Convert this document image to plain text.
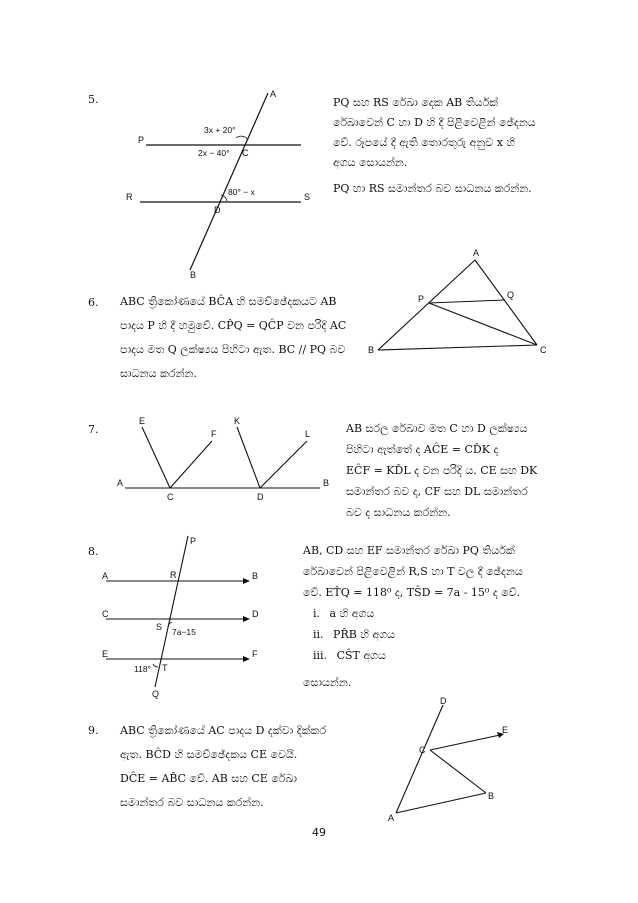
5.	A
B
P
R	S
C
D
3x + 20°
2x − 40°
80° − x
PQ සහ RS රේඛා දෙක AB තිර්යක්
රේඛාවෙන් C හා D හි දී පිළිවෙළින් ඡේදනය
වේ. රූපයේ දී ඇති තොරතුරු අනුව x හි
අගය සොයන්න.
PQ හා RS සමාන්තර බව සාධනය කරන්න.
6. ABC ත්‍රිකෝණයේ BĈA හි සමච්ඡේදකයට AB
පාදය P හි දී හමුවේ. CP̂Q = QĈP වන පරිදි AC
පාදය මත Q ලක්ෂ්‍යය පිහිටා ඇත. BC // PQ බව
සාධනය කරන්න.
A
B	C
P	Q
7.
A	B
C	D
E
F
K
L	AB සරල රේඛාව මත C හා D ලක්ෂ්‍යය
පිහිටා ඇත්තේ ද AĈE = CD̂K ද
EĈF = KD̂L ද වන පරිදි ය. CE සහ DK
සමාන්තර බව ද, CF සහ DL සමාන්තර
බව ද සාධනය කරන්න.
8.
P
Q
A	B
C	D
E	F
R
S
T
7a−15
118°
AB, CD සහ EF සමාන්තර රේඛා PQ තිර්යක්
රේඛාවෙන් පිළිවෙළින් R,S හා T වල දී ඡේදනය
වේ. ET̂Q = 118⁰ ද, TŜD = 7a - 15⁰ ද වේ.
i. a හි අගය
ii. PR̂B හි අගය
iii. CŜT අගය
සොයන්න.
9. ABC ත්‍රිකෝණයේ AC පාදය D දක්වා දික්කර
ඇත. BĈD හි සමච්ඡේදකය CE වෙයි.
DĈE = AB̂C වේ. AB සහ CE රේඛා
සමාන්තර බව සාධනය කරන්න.
A
B
C
D
E
49
